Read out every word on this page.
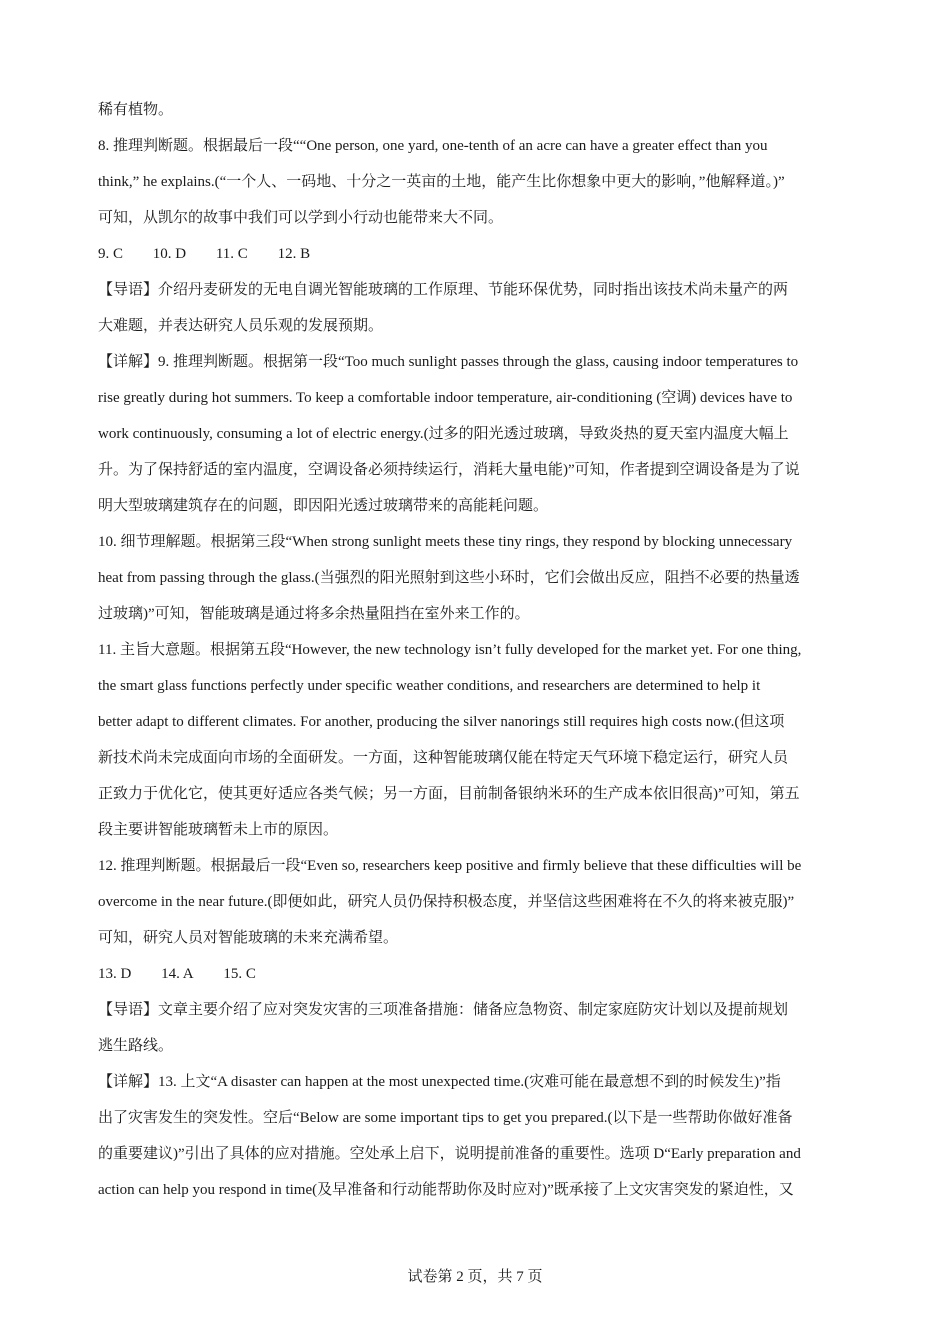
稀有植物。
8. 推理判断题。根据最后一段““One person, one yard, one-tenth of an acre can have a greater effect than you
think,” he explains.(“一个人、一码地、十分之一英亩的土地，能产生比你想象中更大的影响，”他解释道。)”
可知，从凯尔的故事中我们可以学到小行动也能带来大不同。
9. C 10. D 11. C 12. B
【导语】介绍丹麦研发的无电自调光智能玻璃的工作原理、节能环保优势，同时指出该技术尚未量产的两
大难题，并表达研究人员乐观的发展预期。
【详解】9. 推理判断题。根据第一段“Too much sunlight passes through the glass, causing indoor temperatures to
rise greatly during hot summers. To keep a comfortable indoor temperature, air-conditioning (空调) devices have to
work continuously, consuming a lot of electric energy.(过多的阳光透过玻璃，导致炎热的夏天室内温度大幅上
升。为了保持舒适的室内温度，空调设备必须持续运行，消耗大量电能)”可知，作者提到空调设备是为了说
明大型玻璃建筑存在的问题，即因阳光透过玻璃带来的高能耗问题。
10. 细节理解题。根据第三段“When strong sunlight meets these tiny rings, they respond by blocking unnecessary
heat from passing through the glass.(当强烈的阳光照射到这些小环时，它们会做出反应，阻挡不必要的热量透
过玻璃)”可知，智能玻璃是通过将多余热量阻挡在室外来工作的。
11. 主旨大意题。根据第五段“However, the new technology isn’t fully developed for the market yet. For one thing,
the smart glass functions perfectly under specific weather conditions, and researchers are determined to help it
better adapt to different climates. For another, producing the silver nanorings still requires high costs now.(但这项
新技术尚未完成面向市场的全面研发。一方面，这种智能玻璃仅能在特定天气环境下稳定运行，研究人员
正致力于优化它，使其更好适应各类气候；另一方面，目前制备银纳米环的生产成本依旧很高)”可知，第五
段主要讲智能玻璃暂未上市的原因。
12. 推理判断题。根据最后一段“Even so, researchers keep positive and firmly believe that these difficulties will be
overcome in the near future.(即便如此，研究人员仍保持积极态度，并坚信这些困难将在不久的将来被克服)”
可知，研究人员对智能玻璃的未来充满希望。
13. D 14. A 15. C
【导语】文章主要介绍了应对突发灾害的三项准备措施：储备应急物资、制定家庭防灾计划以及提前规划
逃生路线。
【详解】13. 上文“A disaster can happen at the most unexpected time.(灾难可能在最意想不到的时候发生)”指
出了灾害发生的突发性。空后“Below are some important tips to get you prepared.(以下是一些帮助你做好准备
的重要建议)”引出了具体的应对措施。空处承上启下，说明提前准备的重要性。选项 D“Early preparation and
action can help you respond in time(及早准备和行动能帮助你及时应对)”既承接了上文灾害突发的紧迫性，又
试卷第 2 页，共 7 页
